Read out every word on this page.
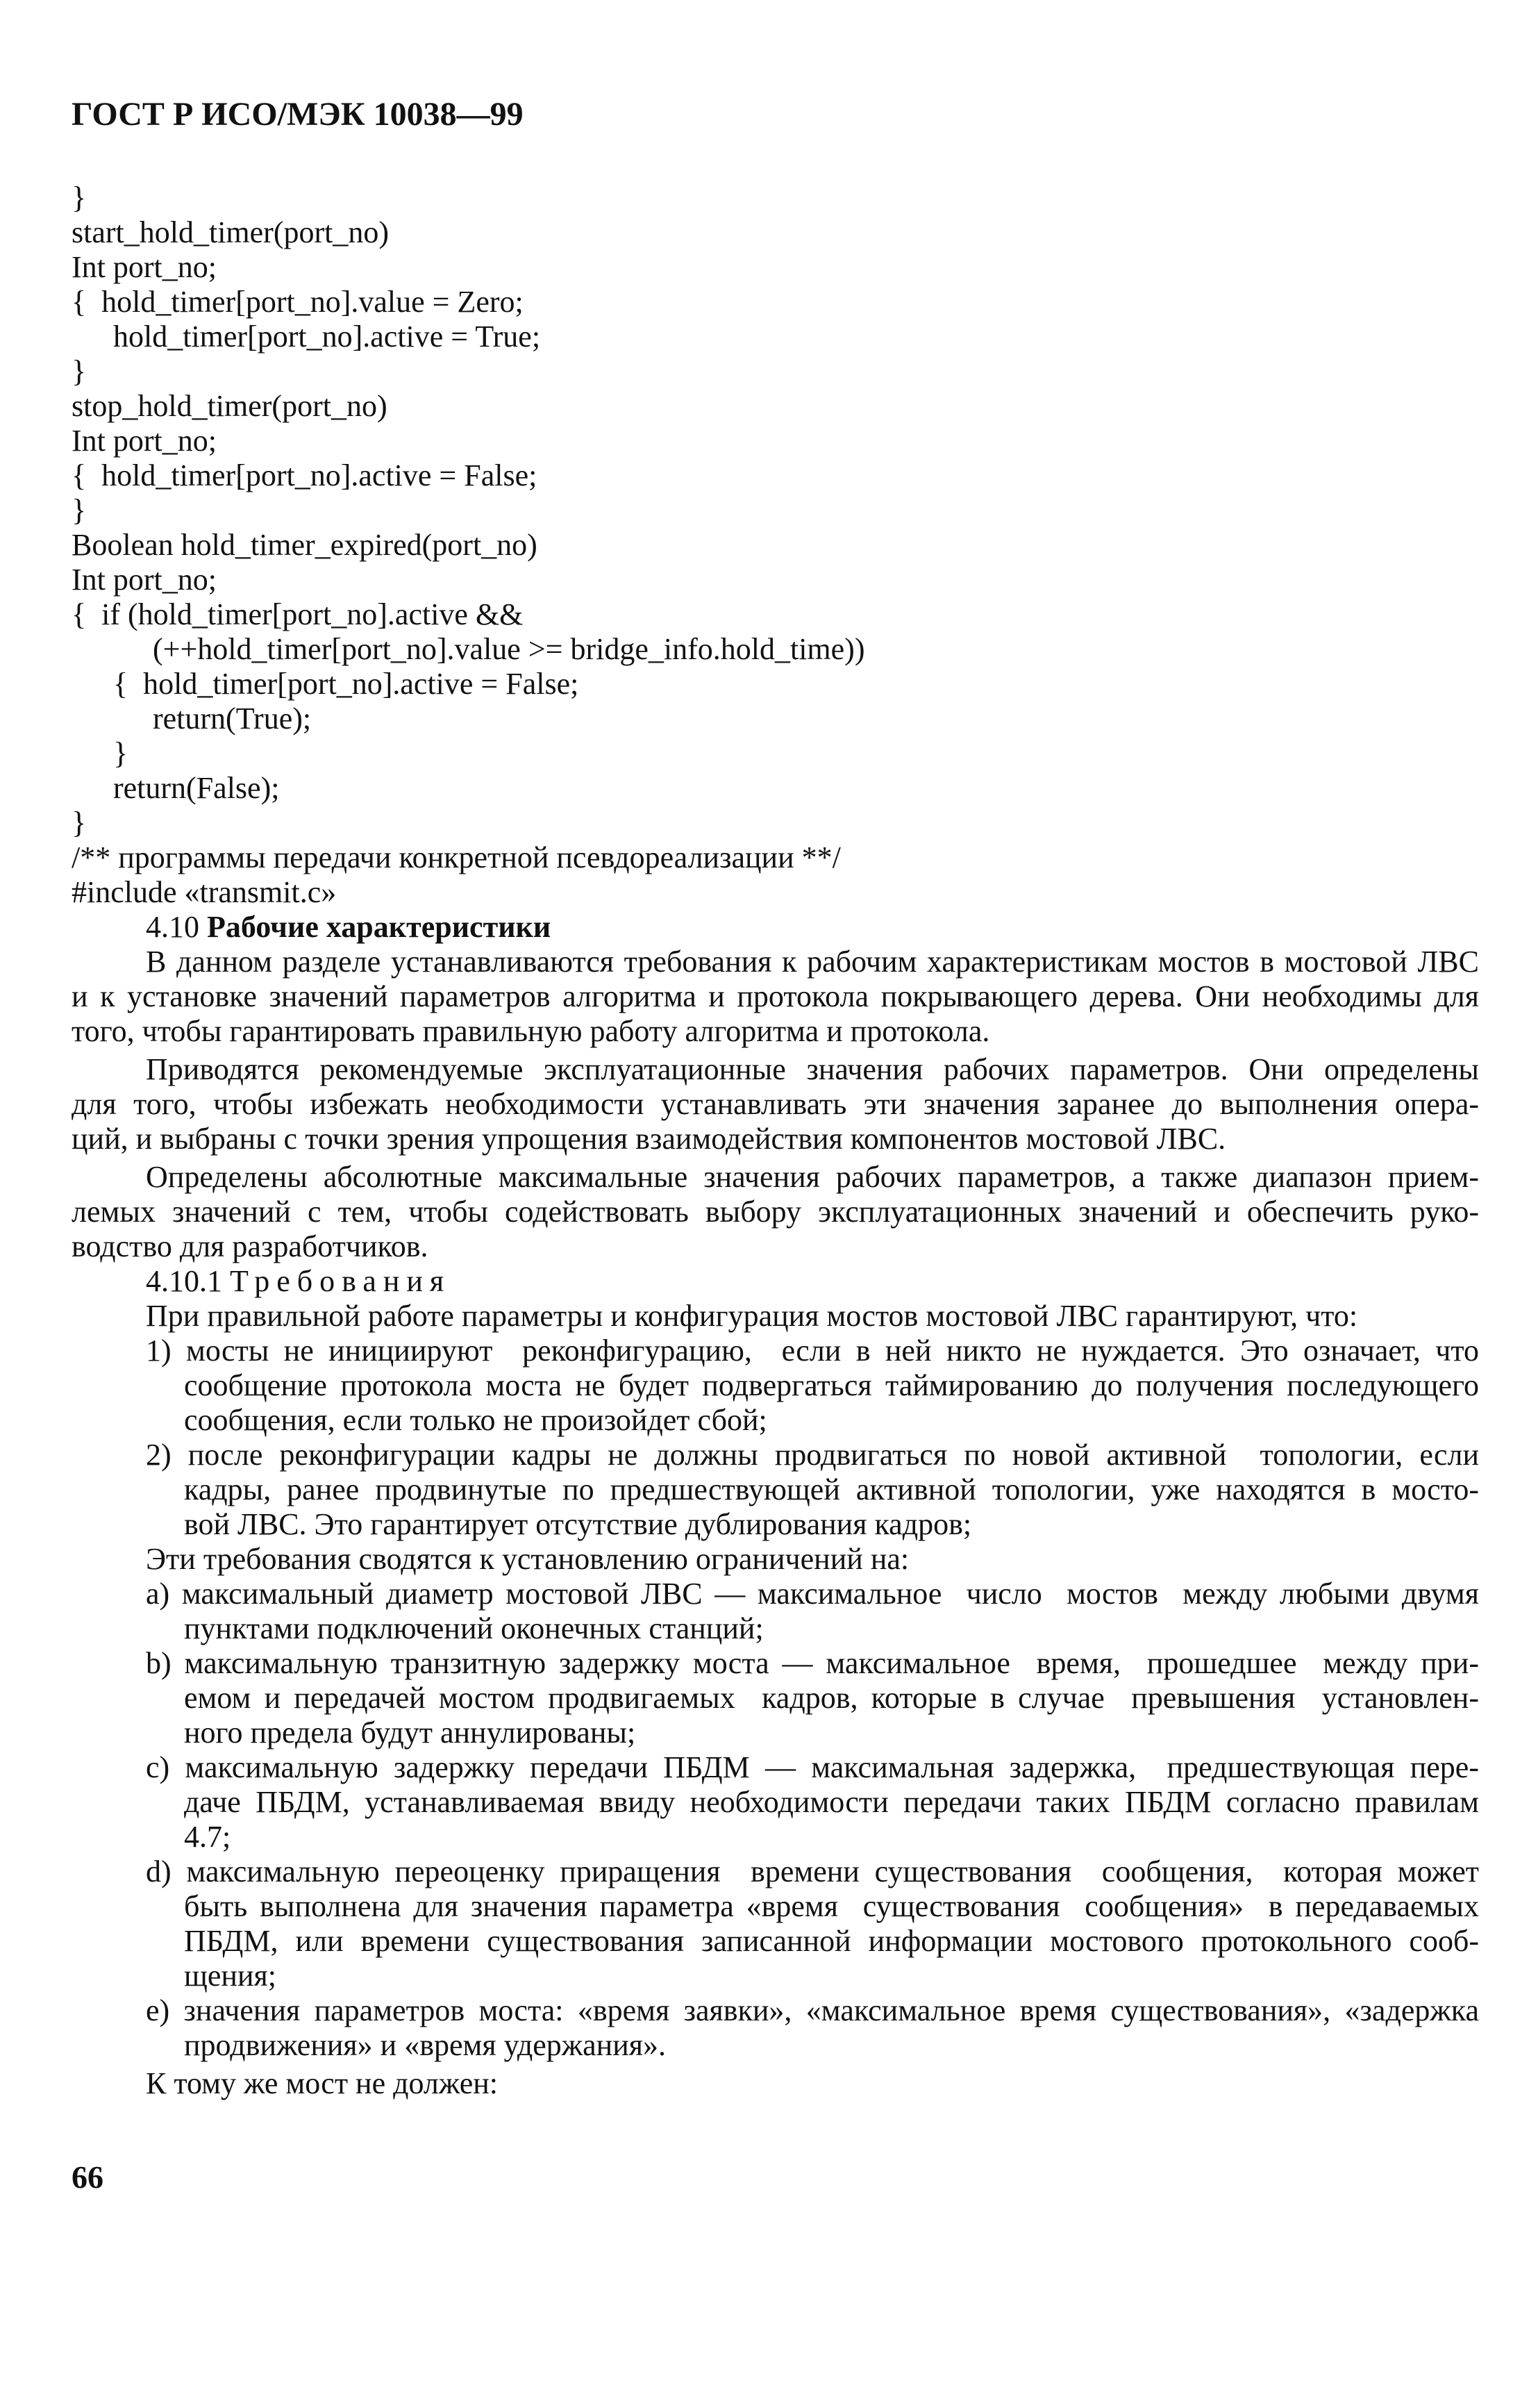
ГОСТ Р ИСО/МЭК 10038—99
}
start_hold_timer(port_no)
Int port_no;
{  hold_timer[port_no].value = Zero;
hold_timer[port_no].active = True;
}
stop_hold_timer(port_no)
Int port_no;
{  hold_timer[port_no].active = False;
}
Boolean hold_timer_expired(port_no)
Int port_no;
{  if (hold_timer[port_no].active &&
(++hold_timer[port_no].value >= bridge_info.hold_time))
{  hold_timer[port_no].active = False;
return(True);
}
return(False);
}
/** программы передачи конкретной псевдореализации **/
#include «transmit.c»
4.10 Рабочие характеристики
В данном разделе устанавливаются требования к рабочим характеристикам мостов в мостовой ЛВС
и к установке значений параметров алгоритма и протокола покрывающего дерева. Они необходимы для
того, чтобы гарантировать правильную работу алгоритма и протокола.
Приводятся рекомендуемые эксплуатационные значения рабочих параметров. Они определены
для того, чтобы избежать необходимости устанавливать эти значения заранее до выполнения опера-
ций, и выбраны с точки зрения упрощения взаимодействия компонентов мостовой ЛВС.
Определены абсолютные максимальные значения рабочих параметров, а также диапазон прием-
лемых значений с тем, чтобы содействовать выбору эксплуатационных значений и обеспечить руко-
водство для разработчиков.
4.10.1 Требования
При правильной работе параметры и конфигурация мостов мостовой ЛВС гарантируют, что:
1) мосты не инициируют  реконфигурацию,  если в ней никто не нуждается. Это означает, что
сообщение протокола моста не будет подвергаться таймированию до получения последующего
сообщения, если только не произойдет сбой;
2) после реконфигурации кадры не должны продвигаться по новой активной  топологии, если
кадры, ранее продвинутые по предшествующей активной топологии, уже находятся в мосто-
вой ЛВС. Это гарантирует отсутствие дублирования кадров;
Эти требования сводятся к установлению ограничений на:
а) максимальный диаметр мостовой ЛВС — максимальное  число  мостов  между любыми двумя
пунктами подключений оконечных станций;
b) максимальную транзитную задержку моста — максимальное  время,  прошедшее  между при-
емом и передачей мостом продвигаемых  кадров, которые в случае  превышения  установлен-
ного предела будут аннулированы;
с) максимальную задержку передачи ПБДМ — максимальная задержка,  предшествующая пере-
даче ПБДМ, устанавливаемая ввиду необходимости передачи таких ПБДМ согласно правилам
4.7;
d) максимальную переоценку приращения  времени существования  сообщения,  которая может
быть выполнена для значения параметра «время  существования  сообщения»  в передаваемых
ПБДМ, или времени существования записанной информации мостового протокольного сооб-
щения;
е) значения параметров моста: «время заявки», «максимальное время существования», «задержка
продвижения» и «время удержания».
К тому же мост не должен:
66
